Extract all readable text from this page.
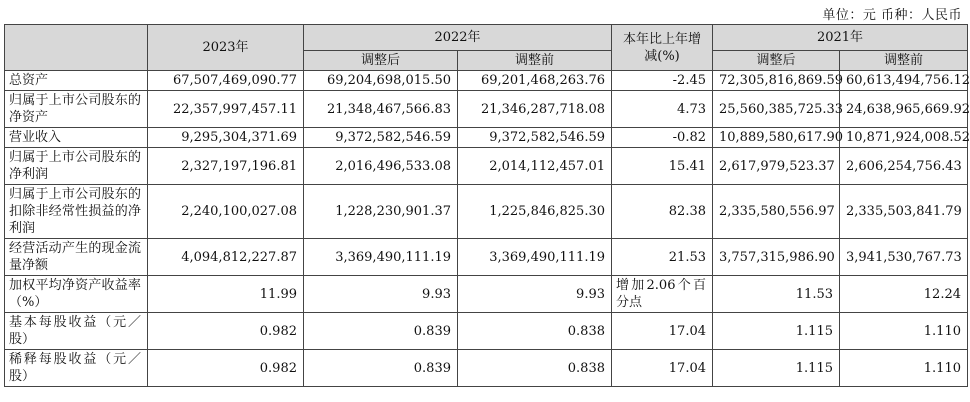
单位：元 币种：人民币
	2023年	2022年		本年比上年增减(%)	2021年	
		调整后	调整前		调整后	调整前
总资产	67,507,469,090.77	69,204,698,015.50	69,201,468,263.76	-2.45	72,305,816,869.59	60,613,494,756.12
归属于上市公司股东的净资产	22,357,997,457.11	21,348,467,566.83	21,346,287,718.08	4.73	25,560,385,725.33	24,638,965,669.92
营业收入	9,295,304,371.69	9,372,582,546.59	9,372,582,546.59	-0.82	10,889,580,617.90	10,871,924,008.52
归属于上市公司股东的净利润	2,327,197,196.81	2,016,496,533.08	2,014,112,457.01	15.41	2,617,979,523.37	2,606,254,756.43
归属于上市公司股东的扣除非经常性损益的净利润	2,240,100,027.08	1,228,230,901.37	1,225,846,825.30	82.38	2,335,580,556.97	2,335,503,841.79
经营活动产生的现金流量净额	4,094,812,227.87	3,369,490,111.19	3,369,490,111.19	21.53	3,757,315,986.90	3,941,530,767.73
加权平均净资产收益率（%）	11.99	9.93	9.93	增加2.06个百分点	11.53	12.24
基本每股收益（元／股）	0.982	0.839	0.838	17.04	1.115	1.110
稀释每股收益（元／股）	0.982	0.839	0.838	17.04	1.115	1.110
